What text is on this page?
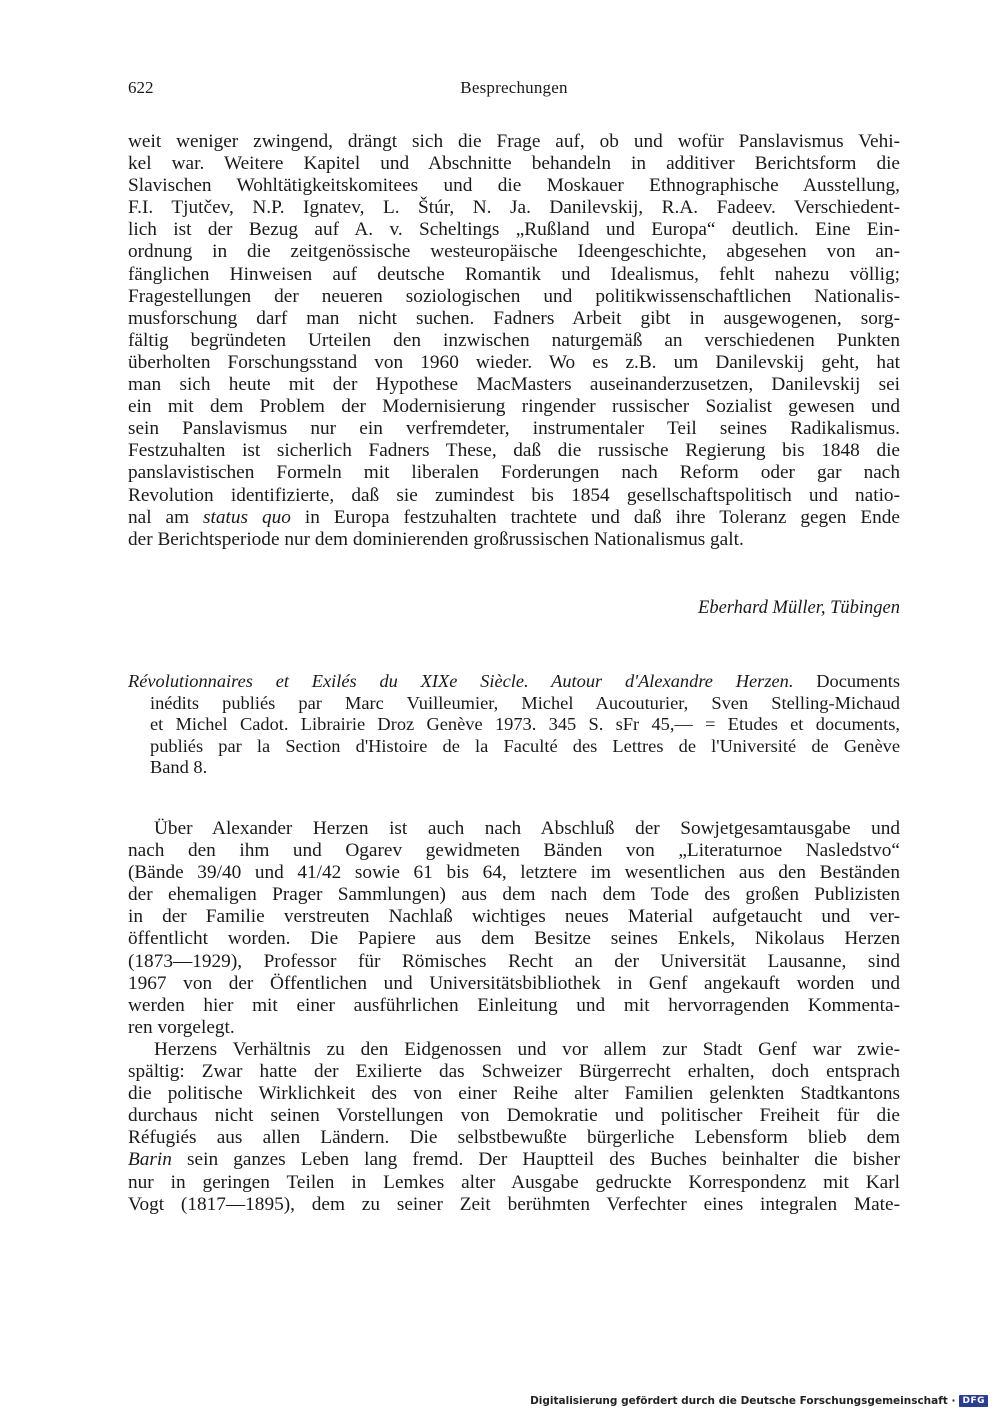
622	Besprechungen
weit weniger zwingend, drängt sich die Frage auf, ob und wofür Panslavismus Vehi-
kel war. Weitere Kapitel und Abschnitte behandeln in additiver Berichtsform die
Slavischen Wohltätigkeitskomitees und die Moskauer Ethnographische Ausstellung,
F.I. Tjutčev, N.P. Ignatev, L. Štúr, N. Ja. Danilevskij, R.A. Fadeev. Verschiedent-
lich ist der Bezug auf A. v. Scheltings „Rußland und Europa“ deutlich. Eine Ein-
ordnung in die zeitgenössische westeuropäische Ideengeschichte, abgesehen von an-
fänglichen Hinweisen auf deutsche Romantik und Idealismus, fehlt nahezu völlig;
Fragestellungen der neueren soziologischen und politikwissenschaftlichen Nationalis-
musforschung darf man nicht suchen. Fadners Arbeit gibt in ausgewogenen, sorg-
fältig begründeten Urteilen den inzwischen naturgemäß an verschiedenen Punkten
überholten Forschungsstand von 1960 wieder. Wo es z.B. um Danilevskij geht, hat
man sich heute mit der Hypothese MacMasters auseinanderzusetzen, Danilevskij sei
ein mit dem Problem der Modernisierung ringender russischer Sozialist gewesen und
sein Panslavismus nur ein verfremdeter, instrumentaler Teil seines Radikalismus.
Festzuhalten ist sicherlich Fadners These, daß die russische Regierung bis 1848 die
panslavistischen Formeln mit liberalen Forderungen nach Reform oder gar nach
Revolution identifizierte, daß sie zumindest bis 1854 gesellschaftspolitisch und natio-
nal am status quo in Europa festzuhalten trachtete und daß ihre Toleranz gegen Ende
der Berichtsperiode nur dem dominierenden großrussischen Nationalismus galt.
Eberhard Müller, Tübingen
Révolutionnaires et Exilés du XIXe Siècle. Autour d'Alexandre Herzen. Documents
inédits publiés par Marc Vuilleumier, Michel Aucouturier, Sven Stelling-Michaud
et Michel Cadot. Librairie Droz Genève 1973. 345 S. sFr 45,— = Etudes et documents,
publiés par la Section d'Histoire de la Faculté des Lettres de l'Université de Genève
Band 8.
Über Alexander Herzen ist auch nach Abschluß der Sowjetgesamtausgabe und
nach den ihm und Ogarev gewidmeten Bänden von „Literaturnoe Nasledstvo“
(Bände 39/40 und 41/42 sowie 61 bis 64, letztere im wesentlichen aus den Beständen
der ehemaligen Prager Sammlungen) aus dem nach dem Tode des großen Publizisten
in der Familie verstreuten Nachlaß wichtiges neues Material aufgetaucht und ver-
öffentlicht worden. Die Papiere aus dem Besitze seines Enkels, Nikolaus Herzen
(1873—1929), Professor für Römisches Recht an der Universität Lausanne, sind
1967 von der Öffentlichen und Universitätsbibliothek in Genf angekauft worden und
werden hier mit einer ausführlichen Einleitung und mit hervorragenden Kommenta-
ren vorgelegt.
Herzens Verhältnis zu den Eidgenossen und vor allem zur Stadt Genf war zwie-
spältig: Zwar hatte der Exilierte das Schweizer Bürgerrecht erhalten, doch entsprach
die politische Wirklichkeit des von einer Reihe alter Familien gelenkten Stadtkantons
durchaus nicht seinen Vorstellungen von Demokratie und politischer Freiheit für die
Réfugiés aus allen Ländern. Die selbstbewußte bürgerliche Lebensform blieb dem
Barin sein ganzes Leben lang fremd. Der Hauptteil des Buches beinhalter die bisher
nur in geringen Teilen in Lemkes alter Ausgabe gedruckte Korrespondenz mit Karl
Vogt (1817—1895), dem zu seiner Zeit berühmten Verfechter eines integralen Mate-
Digitalisierung gefördert durch die Deutsche Forschungsgemeinschaft · DFG
